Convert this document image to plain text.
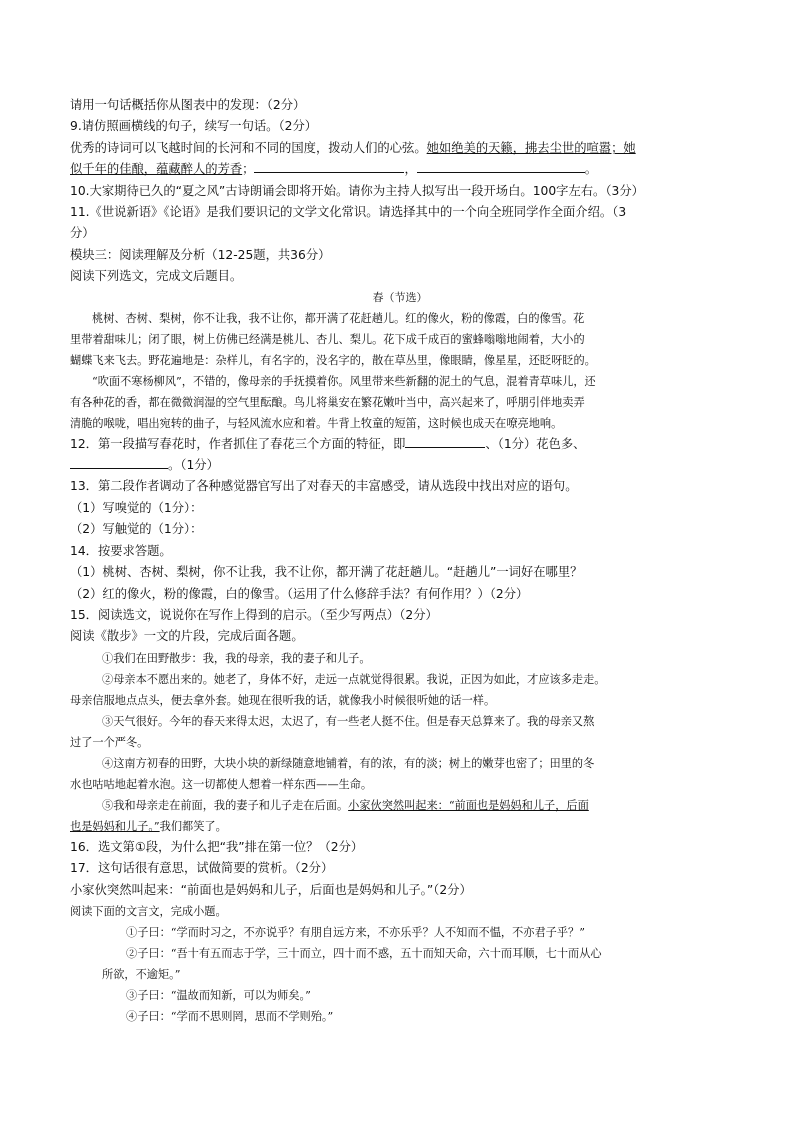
请用一句话概括你从图表中的发现：（2分）
9.请仿照画横线的句子，续写一句话。（2分）
优秀的诗词可以飞越时间的长河和不同的国度，拨动人们的心弦。她如绝美的天籁，拂去尘世的喧嚣；她
似千年的佳酿，蕴藏醉人的芳香；	，	。
10.大家期待已久的“夏之风”古诗朗诵会即将开始。请你为主持人拟写出一段开场白。100字左右。（3分）
11.《世说新语》《论语》是我们要识记的文学文化常识。请选择其中的一个向全班同学作全面介绍。（3
分）
模块三：阅读理解及分析（12-25题，共36分）
阅读下列选文，完成文后题目。
春（节选）
桃树、杏树、梨树，你不让我，我不让你，都开满了花赶趟儿。红的像火，粉的像霞，白的像雪。花
里带着甜味儿；闭了眼，树上仿佛已经满是桃儿、杏儿、梨儿。花下成千成百的蜜蜂嗡嗡地闹着，大小的
蝴蝶飞来飞去。野花遍地是：杂样儿，有名字的，没名字的，散在草丛里，像眼睛，像星星，还眨呀眨的。
“吹面不寒杨柳风”，不错的，像母亲的手抚摸着你。风里带来些新翻的泥土的气息，混着青草味儿，还
有各种花的香，都在微微润湿的空气里酝酿。鸟儿将巢安在繁花嫩叶当中，高兴起来了，呼朋引伴地卖弄
清脆的喉咙，唱出宛转的曲子，与轻风流水应和着。牛背上牧童的短笛，这时候也成天在嘹亮地响。
12．第一段描写春花时，作者抓住了春花三个方面的特征，即	、（1分）花色多、
。（1分）
13．第二段作者调动了各种感觉器官写出了对春天的丰富感受，请从选段中找出对应的语句。
（1）写嗅觉的（1分）：
（2）写触觉的（1分）：
14．按要求答题。
（1）桃树、杏树、梨树，你不让我，我不让你，都开满了花赶趟儿。“赶趟儿”一词好在哪里？
（2）红的像火，粉的像霞，白的像雪。（运用了什么修辞手法？有何作用？）（2分）
15．阅读选文，说说你在写作上得到的启示。（至少写两点）（2分）
阅读《散步》一文的片段，完成后面各题。
①我们在田野散步：我，我的母亲，我的妻子和儿子。
②母亲本不愿出来的。她老了，身体不好，走远一点就觉得很累。我说，正因为如此，才应该多走走。
母亲信服地点点头，便去拿外套。她现在很听我的话，就像我小时候很听她的话一样。
③天气很好。今年的春天来得太迟，太迟了，有一些老人挺不住。但是春天总算来了。我的母亲又熬
过了一个严冬。
④这南方初春的田野，大块小块的新绿随意地铺着，有的浓，有的淡；树上的嫩芽也密了；田里的冬
水也咕咕地起着水泡。这一切都使人想着一样东西——生命。
⑤我和母亲走在前面，我的妻子和儿子走在后面。小家伙突然叫起来：“前面也是妈妈和儿子，后面
也是妈妈和儿子。”我们都笑了。
16．选文第①段，为什么把“我”排在第一位？（2分）
17．这句话很有意思，试做简要的赏析。（2分）
小家伙突然叫起来：“前面也是妈妈和儿子，后面也是妈妈和儿子。”（2分）
阅读下面的文言文，完成小题。
①子曰：“学而时习之，不亦说乎？有朋自远方来，不亦乐乎？人不知而不愠，不亦君子乎？”
②子曰：“吾十有五而志于学，三十而立，四十而不惑，五十而知天命，六十而耳顺，七十而从心
所欲，不逾矩。”
③子曰：“温故而知新，可以为师矣。”
④子曰：“学而不思则罔，思而不学则殆。”
